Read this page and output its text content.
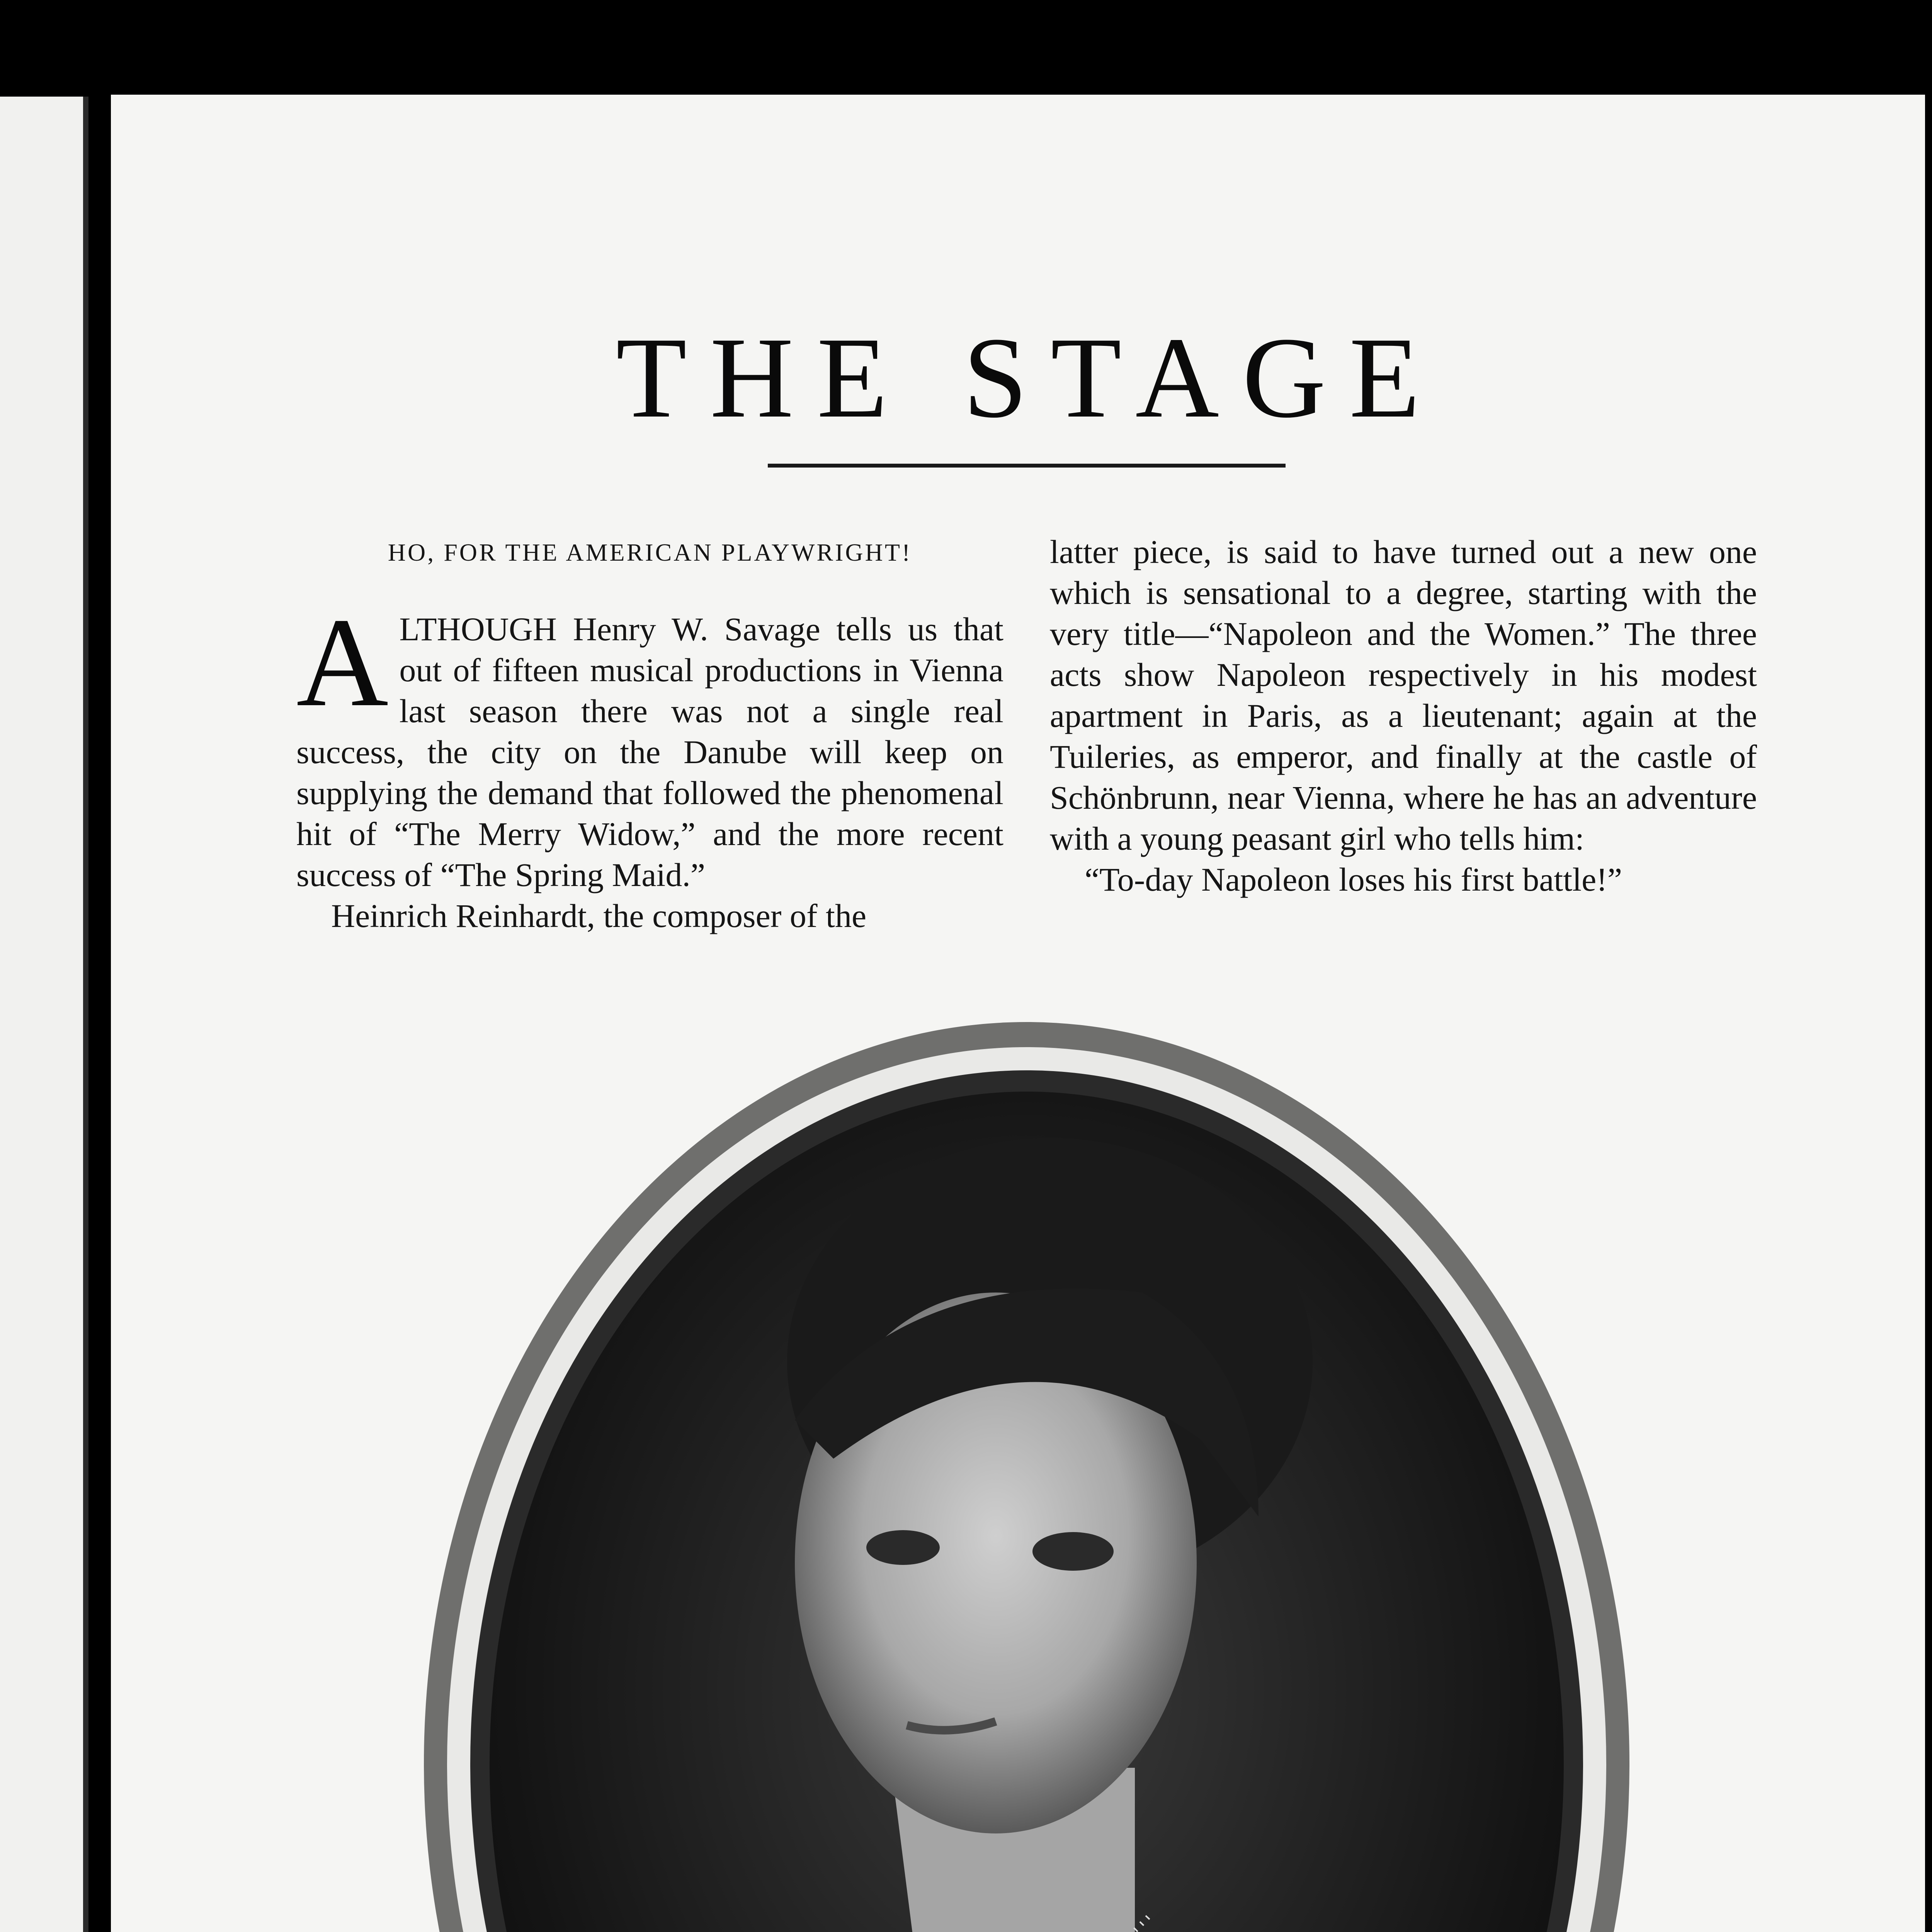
THE STAGE

HO, FOR THE AMERICAN PLAYWRIGHT!

ALTHOUGH Henry W. Savage tells us that out of fifteen musical productions in Vienna last season there was not a single real success, the city on the Danube will keep on supplying the demand that followed the phenomenal hit of “The Merry Widow,” and the more recent success of “The Spring Maid.”

Heinrich Reinhardt, the composer of the

latter piece, is said to have turned out a new one which is sensational to a degree, starting with the very title—“Napoleon and the Women.” The three acts show Napoleon respectively in his modest apartment in Paris, as a lieutenant; again at the Tuileries, as emperor, and finally at the castle of Schönbrunn, near Vienna, where he has an adventure with a young peasant girl who tells him:

“To-day Napoleon loses his first battle!”
